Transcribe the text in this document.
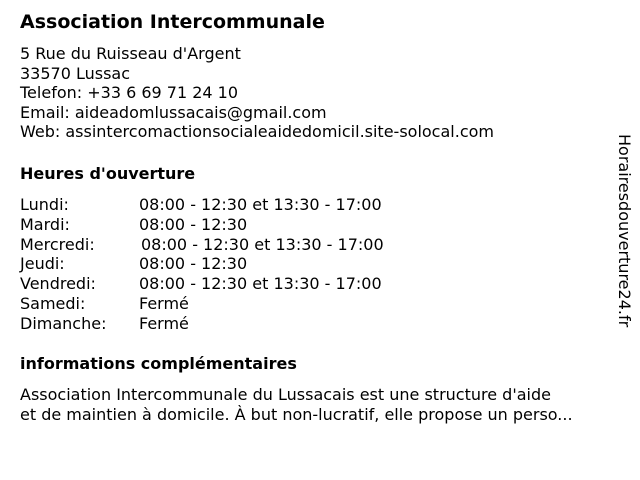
Association Intercommunale
5 Rue du Ruisseau d'Argent
33570 Lussac
Telefon: +33 6 69 71 24 10
Email: aideadomlussacais@gmail.com
Web: assintercomactionsocialeaidedomicil.site-solocal.com
Heures d'ouverture
Lundi:	08:00 - 12:30 et 13:30 - 17:00
Mardi:	08:00 - 12:30
Mercredi:	08:00 - 12:30 et 13:30 - 17:00
Jeudi:	08:00 - 12:30
Vendredi:	08:00 - 12:30 et 13:30 - 17:00
Samedi:	Fermé
Dimanche: Fermé
informations complémentaires
Association Intercommunale du Lussacais est une structure d'aide
et de maintien à domicile. À but non-lucratif, elle propose un perso...
Horairesdouverture24.fr
